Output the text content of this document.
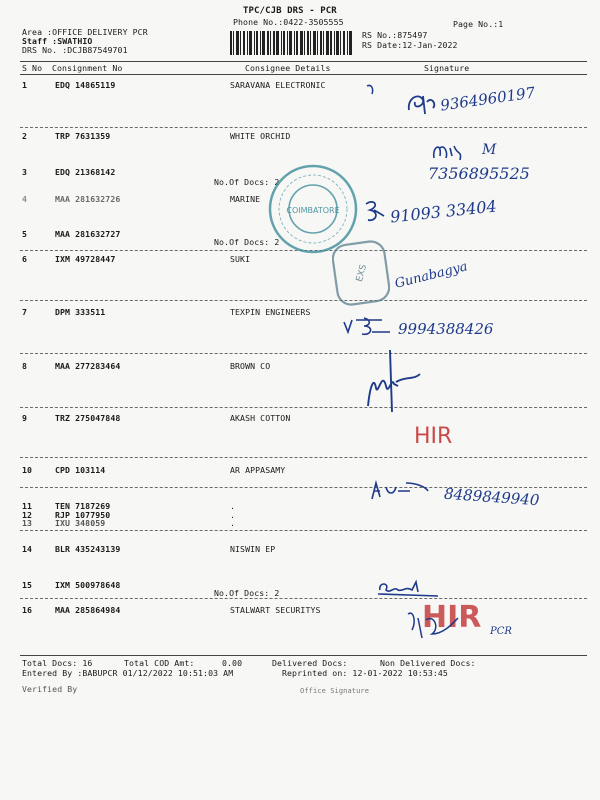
TPC/CJB DRS - PCR
Phone No.:0422-3505555	Page No.:1
Area :OFFICE DELIVERY PCR
Staff :SWATHIO
DRS No. :DCJB87549701
RS No.:875497
RS Date:12-Jan-2022
S No Consignment No	Consignee Details	Signature
1	EDQ 14865119	SARAVANA ELECTRONIC
2	TRP 7631359	WHITE ORCHID
3	EDQ 21368142
No.Of Docs: 2
4	MAA 281632726	MARINE
5	MAA 281632727
No.Of Docs: 2
6	IXM 49728447	SUKI
7	DPM 333511	TEXPIN ENGINEERS
8	MAA 277283464	BROWN CO
9	TRZ 275047848	AKASH COTTON
10	CPD 103114	AR APPASAMY
11	TEN 7187269	.
12	RJP 1077950	.
13	IXU 348059	.
14	BLR 435243139	NISWIN EP
15	IXM 500978648
No.Of Docs: 2
16	MAA 285864984	STALWART SECURITYS
Total Docs: 16	Total COD Amt:	0.00	Delivered Docs:	Non Delivered Docs:
Entered By :BABUPCR 01/12/2022 10:51:03 AM	Reprinted on: 12-01-2022 10:53:45
Verified By	Office Signature
COIMBATORE
EXS
9364960197
M
7356895525
91093 33404
Gunabagya
9994388426
HIR
8489849940
HIR PCR
